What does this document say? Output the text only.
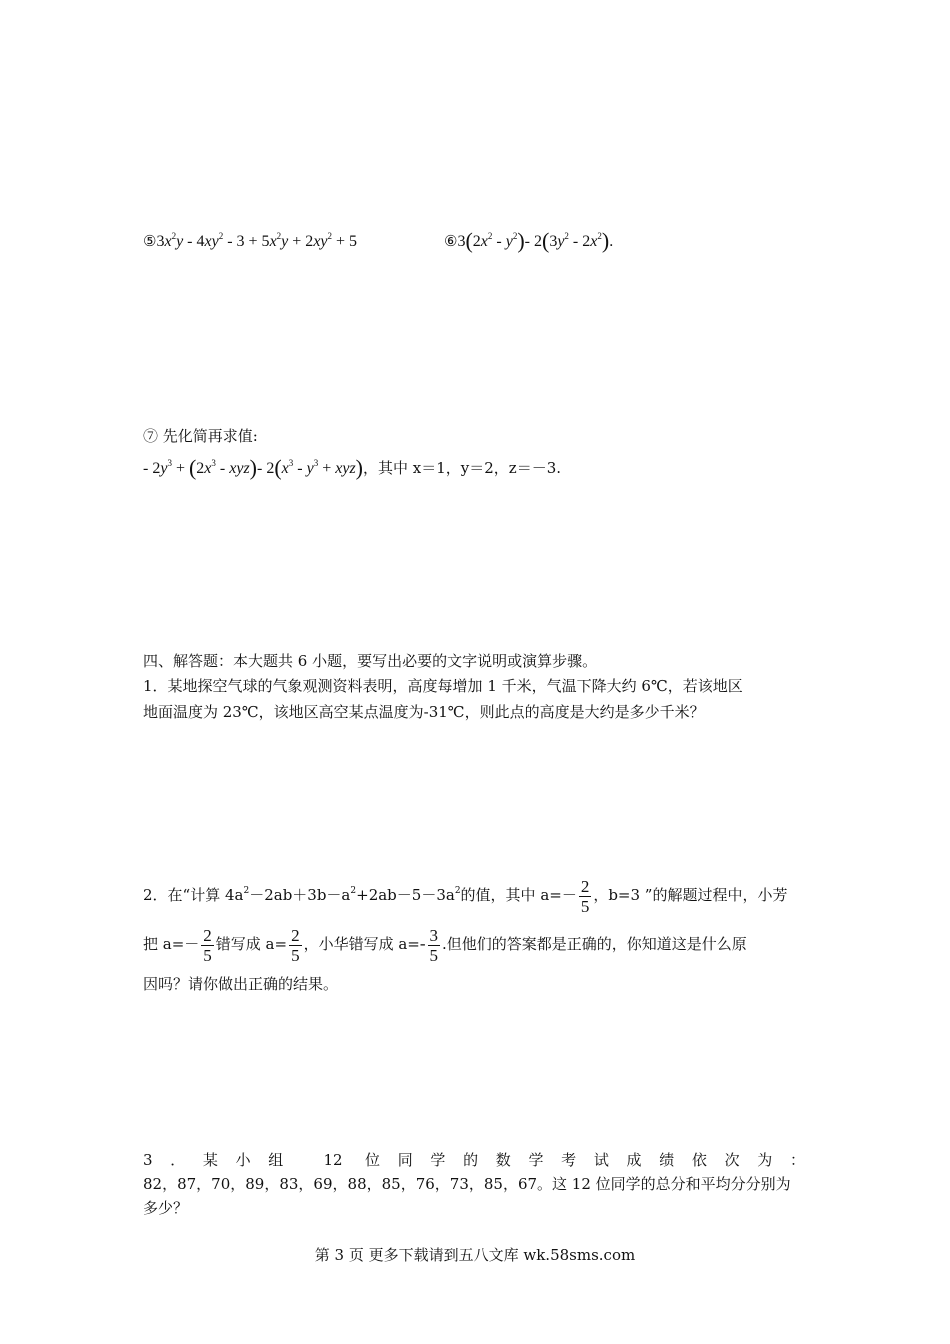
$⑤3x^2y - 4xy^2 - 3 + 5x^2y + 2xy^2 + 5$	$⑥3(2x^2 - y^2)-$ $2(3y^2 - 2x^2)$.
⑦ 先化简再求值:
- $2y^3 + (2x^3 - xyz)-$ $2(x^3 - y^3 + xyz)$，其中 x＝1，y＝2，z＝－3.
四、解答题：本大题共 6 小题，要写出必要的文字说明或演算步骤。
1．某地探空气球的气象观测资料表明，高度每增加 1 千米，气温下降大约 6℃，若该地区
地面温度为 23℃，该地区高空某点温度为-31℃，则此点的高度是大约是多少千米？
2．在“计算 $4a^2-2ab+3b-a^2+2ab-5-3a^2$的值，其中 $a=- \frac{2}{5}$ ，b=3 ”的解题过程中，小芳
把 $a=- \frac{2}{5}$ 错写成 $a= \frac{2}{5}$ ，小华错写成 $a=- \frac{3}{5}$ .但他们的答案都是正确的，你知道这是什么原
因吗？请你做出正确的结果。
3．某小组 12 位同学的数学考试成绩依次为：
82，87，70，89，83，69，88，85，76，73，85，67。这 12 位同学的总分和平均分分别为
多少？
第 3 页 更多下载请到五八文库 wk.58sms.com
